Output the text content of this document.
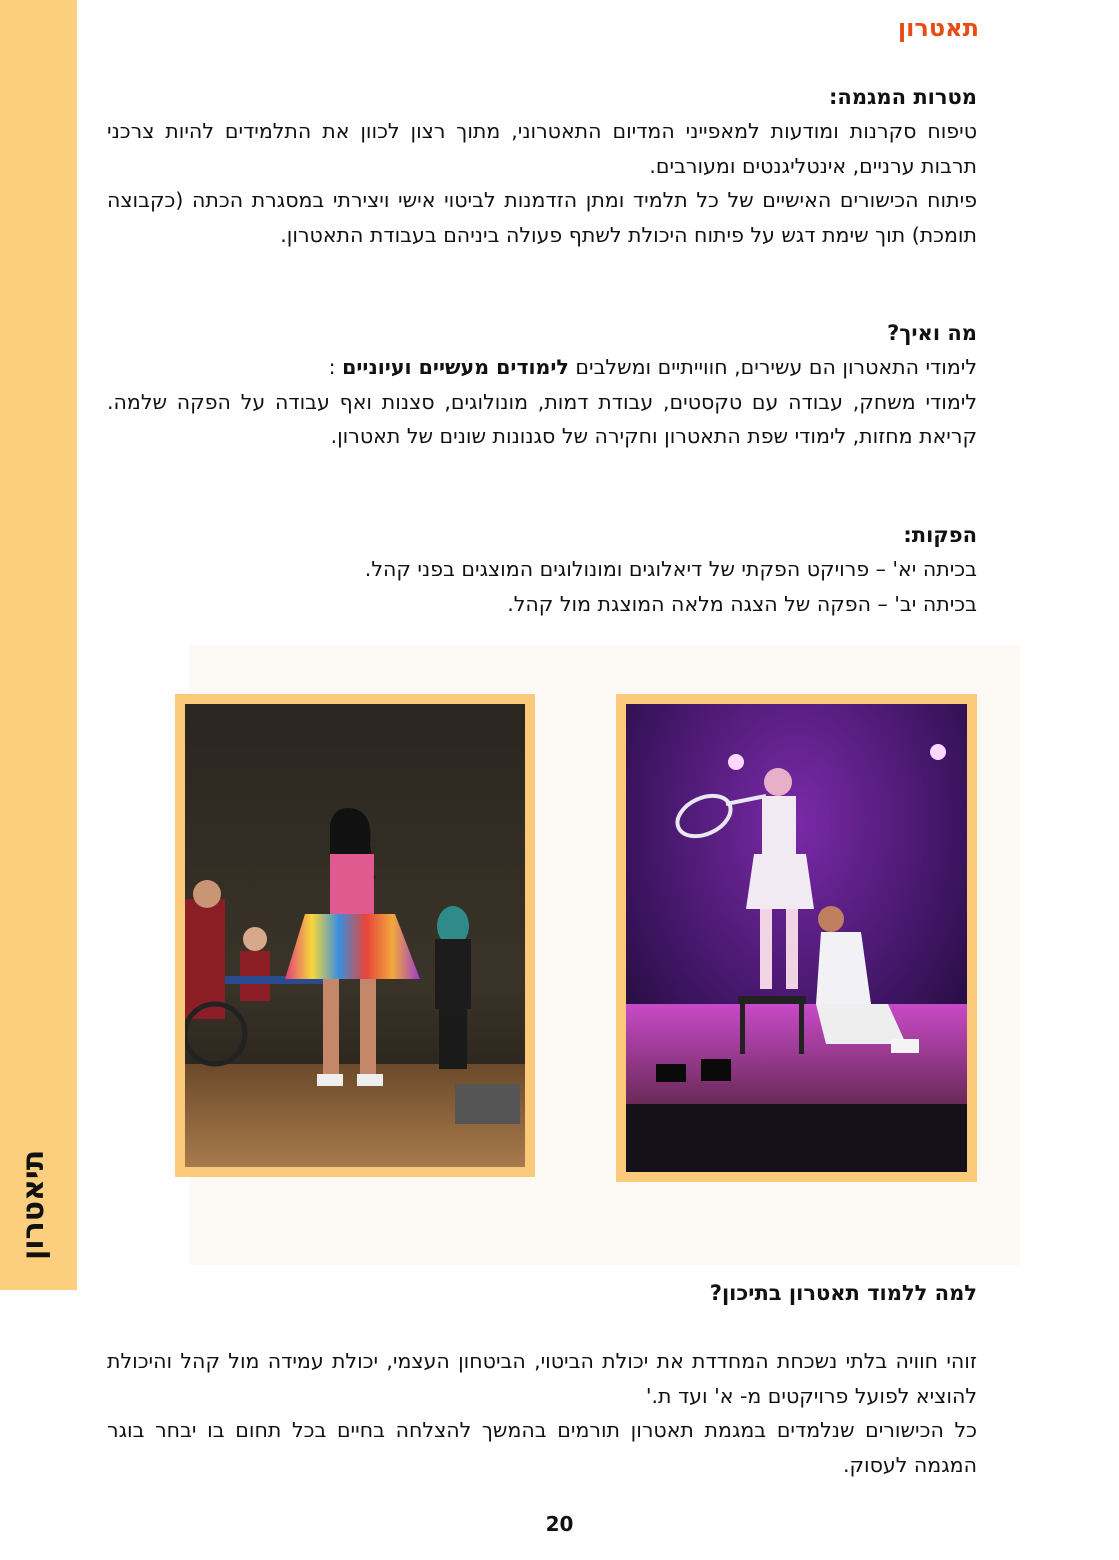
תיאטרון
תאטרון

מטרות המגמה:

טיפוח סקרנות ומודעות למאפייני המדיום התאטרוני, מתוך רצון לכוון את התלמידים להיות צרכני תרבות ערניים, אינטליגנטים ומעורבים.

פיתוח הכישורים האישיים של כל תלמיד ומתן הזדמנות לביטוי אישי ויצירתי במסגרת הכתה (כקבוצה תומכת) תוך שימת דגש על פיתוח היכולת לשתף פעולה ביניהם בעבודת התאטרון.

מה ואיך?

לימודי התאטרון הם עשירים, חווייתיים ומשלבים לימודים מעשיים ועיוניים :

לימודי משחק, עבודה עם טקסטים, עבודת דמות, מונולוגים, סצנות ואף עבודה על הפקה שלמה. קריאת מחזות, לימודי שפת התאטרון וחקירה של סגנונות שונים של תאטרון.

הפקות:

בכיתה יא' – פרויקט הפקתי של דיאלוגים ומונולוגים המוצגים בפני קהל.

בכיתה יב' – הפקה של הצגה מלאה המוצגת מול קהל.

למה ללמוד תאטרון בתיכון?

זוהי חוויה בלתי נשכחת המחדדת את יכולת הביטוי, הביטחון העצמי, יכולת עמידה מול קהל והיכולת להוציא לפועל פרויקטים מ- א' ועד ת.'

כל הכישורים שנלמדים במגמת תאטרון תורמים בהמשך להצלחה בחיים בכל תחום בו יבחר בוגר המגמה לעסוק.

20
